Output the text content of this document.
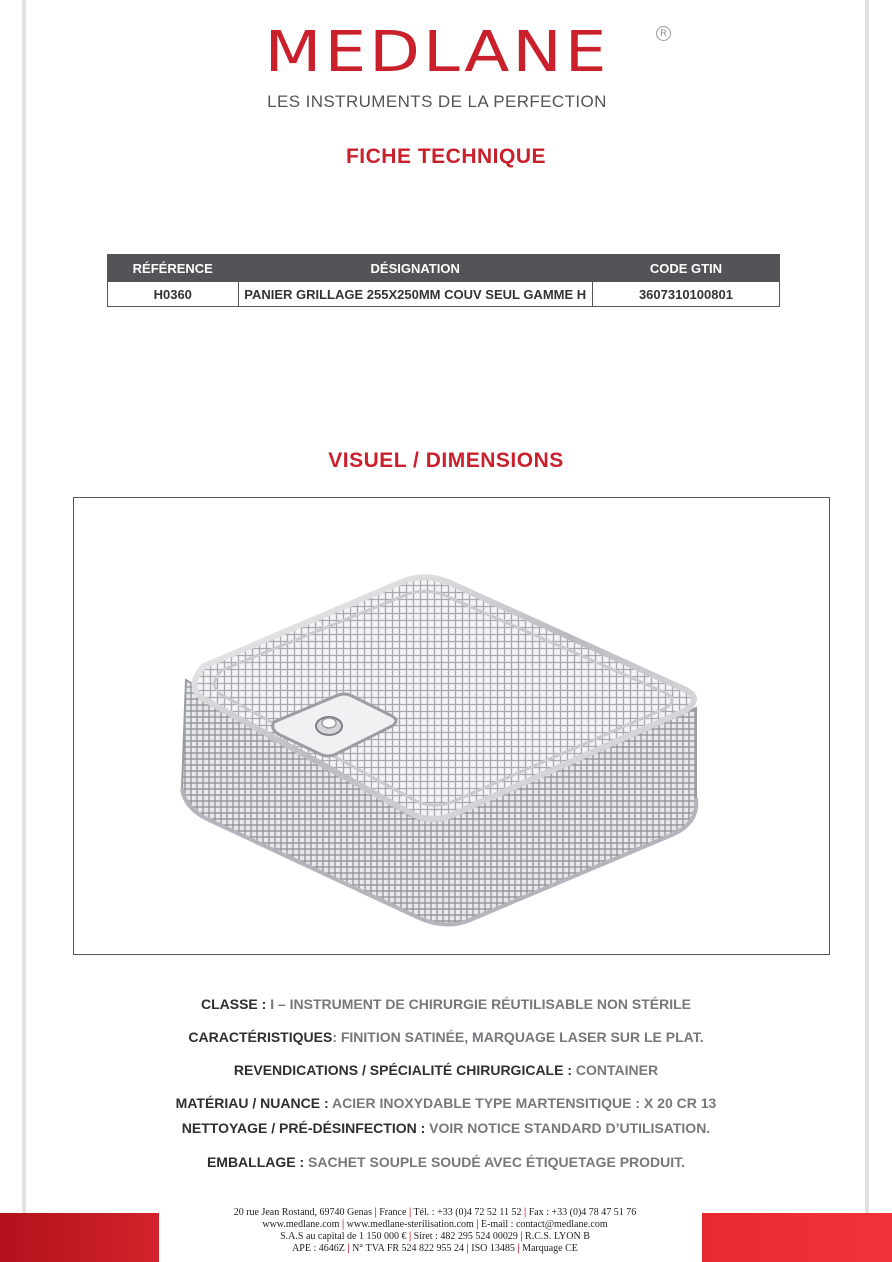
MEDLANE	R
LES INSTRUMENTS DE LA PERFECTION
FICHE TECHNIQUE
RÉFÉRENCE	DÉSIGNATION	CODE GTIN
H0360	PANIER GRILLAGE 255X250MM COUV SEUL GAMME H	3607310100801
VISUEL / DIMENSIONS
CLASSE : I – INSTRUMENT DE CHIRURGIE RÉUTILISABLE NON STÉRILE
CARACTÉRISTIQUES: FINITION SATINÉE, MARQUAGE LASER SUR LE PLAT.
REVENDICATIONS / SPÉCIALITÉ CHIRURGICALE : CONTAINER
MATÉRIAU / NUANCE : ACIER INOXYDABLE TYPE MARTENSITIQUE : X 20 CR 13
NETTOYAGE / PRÉ-DÉSINFECTION : VOIR NOTICE STANDARD D’UTILISATION.
EMBALLAGE : SACHET SOUPLE SOUDÉ AVEC ÉTIQUETAGE PRODUIT.
20 rue Jean Rostand, 69740 Genas | France | Tél. : +33 (0)4 72 52 11 52 | Fax : +33 (0)4 78 47 51 76
www.medlane.com | www.medlane-sterilisation.com | E-mail : contact@medlane.com
S.A.S au capital de 1 150 000 € | Siret : 482 295 524 00029 | R.C.S. LYON B
APE : 4646Z | N° TVA FR 524 822 955 24 | ISO 13485 | Marquage CE
